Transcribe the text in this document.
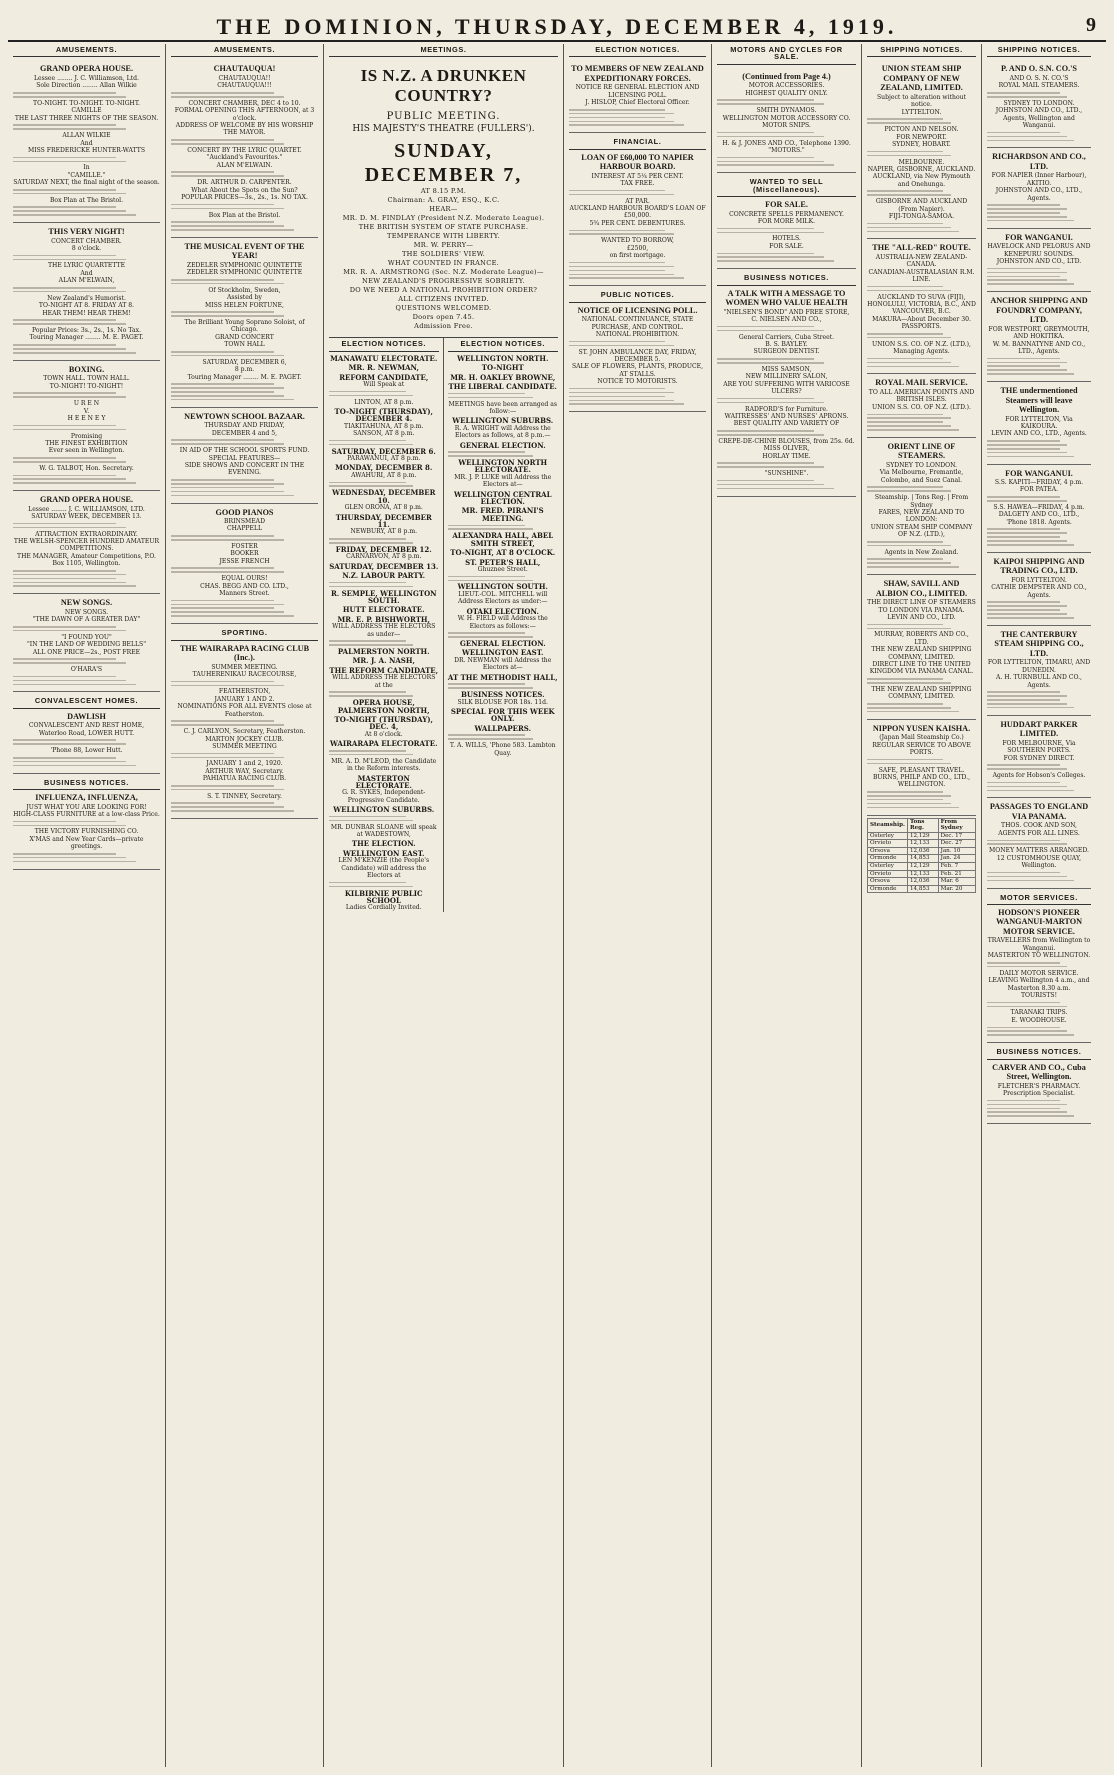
THE DOMINION, THURSDAY, DECEMBER 4, 1919.	9
AMUSEMENTS.
GRAND OPERA HOUSE.
Lessee ........ J. C. Williamson, Ltd.
Sole Direction ........ Allan Wilkie
TO-NIGHT. TO-NIGHT. TO-NIGHT.
CAMILLE
THE LAST THREE NIGHTS OF THE SEASON.
ALLAN WILKIE
And
MISS FREDERICKE HUNTER-WATTS
In
"CAMILLE."
SATURDAY NEXT, the final night of the season.
Box Plan at The Bristol.
THIS VERY NIGHT!
CONCERT CHAMBER.
8 o'clock.
THE LYRIC QUARTETTE
And
ALAN M'ELWAIN,
New Zealand's Humorist.
TO-NIGHT AT 8. FRIDAY AT 8.
HEAR THEM! HEAR THEM!
Popular Prices: 3s., 2s., 1s. No Tax.
Touring Manager ........ M. E. PAGET.
BOXING.
TOWN HALL. TOWN HALL.
TO-NIGHT! TO-NIGHT!
U R E N
V.
H E E N E Y
Promising
THE FINEST EXHIBITION
Ever seen in Wellington.
W. G. TALBOT, Hon. Secretary.
GRAND OPERA HOUSE.
Lessee ........ J. C. WILLIAMSON, LTD.
SATURDAY WEEK, DECEMBER 13.
ATTRACTION EXTRAORDINARY.
THE WELSH-SPENCER HUNDRED AMATEUR COMPETITIONS.
THE MANAGER, Amateur Competitions, P.O. Box 1105, Wellington.
NEW SONGS.
NEW SONGS.
"THE DAWN OF A GREATER DAY"
"I FOUND YOU"
"IN THE LAND OF WEDDING BELLS"
ALL ONE PRICE—2s., POST FREE
O'HARA'S
CONVALESCENT HOMES.
DAWLISH
CONVALESCENT AND REST HOME,
Waterloo Road, LOWER HUTT.
'Phone 88, Lower Hutt.
BUSINESS NOTICES.
INFLUENZA, INFLUENZA,
JUST WHAT YOU ARE LOOKING FOR!
HIGH-CLASS FURNITURE at a low-class Price.
THE VICTORY FURNISHING CO.
X'MAS and New Year Cards—private greetings.
AMUSEMENTS.
CHAUTAUQUA!
CHAUTAUQUA!!
CHAUTAUQUA!!!
CONCERT CHAMBER, DEC 4 to 10.
FORMAL OPENING THIS AFTERNOON, at 3 o'clock.
ADDRESS OF WELCOME BY HIS WORSHIP THE MAYOR.
CONCERT BY THE LYRIC QUARTET.
"Auckland's Favourites."
ALAN M'ELWAIN.
DR. ARTHUR D. CARPENTER.
What About the Spots on the Sun?
POPULAR PRICES—3s., 2s., 1s. NO TAX.
Box Plan at the Bristol.
THE MUSICAL EVENT OF THE YEAR!
ZEDELER SYMPHONIC QUINTETTE
ZEDELER SYMPHONIC QUINTETTE
Of Stockholm, Sweden,
Assisted by
MISS HELEN FORTUNE,
The Brilliant Young Soprano Soloist, of Chicago.
GRAND CONCERT
TOWN HALL
SATURDAY, DECEMBER 6,
8 p.m.
Touring Manager ........ M. E. PAGET.
NEWTOWN SCHOOL BAZAAR.
THURSDAY AND FRIDAY,
DECEMBER 4 and 5,
IN AID OF THE SCHOOL SPORTS FUND.
SPECIAL FEATURES—
SIDE SHOWS AND CONCERT IN THE EVENING.
GOOD PIANOS
BRINSMEAD
CHAPPELL
FOSTER
BOOKER
JESSE FRENCH
EQUAL OURS!
CHAS. BEGG AND CO. LTD.,
Manners Street.
SPORTING.
THE WAIRARAPA RACING CLUB (Inc.).
SUMMER MEETING.
TAUHERENIKAU RACECOURSE,
FEATHERSTON,
JANUARY 1 AND 2.
NOMINATIONS FOR ALL EVENTS close at Featherston.
C. J. CARLYON, Secretary, Featherston.
MARTON JOCKEY CLUB.
SUMMER MEETING
JANUARY 1 and 2, 1920.
ARTHUR WAY, Secretary.
PAHIATUA RACING CLUB.
S. T. TINNEY, Secretary.
MEETINGS.
IS N.Z. A DRUNKEN COUNTRY?
PUBLIC MEETING.
HIS MAJESTY'S THEATRE (FULLERS').
SUNDAY, DECEMBER 7,
AT 8.15 P.M.
Chairman: A. GRAY, ESQ., K.C.
HEAR—
MR. D. M. FINDLAY (President N.Z. Moderate League).
THE BRITISH SYSTEM OF STATE PURCHASE.
TEMPERANCE WITH LIBERTY.
MR. W. PERRY—
THE SOLDIERS' VIEW.
WHAT COUNTED IN FRANCE.
MR. R. A. ARMSTRONG (Sec. N.Z. Moderate League)—
NEW ZEALAND'S PROGRESSIVE SOBRIETY.
DO WE NEED A NATIONAL PROHIBITION ORDER?
ALL CITIZENS INVITED.
QUESTIONS WELCOMED.
Doors open 7.45.
Admission Free.
ELECTION NOTICES.
MANAWATU ELECTORATE.
MR. R. NEWMAN,
REFORM CANDIDATE,
Will Speak at
LINTON, AT 8 p.m.
TO-NIGHT (THURSDAY), DECEMBER 4.
TIAKITAHUNA, AT 8 p.m.
SANSON, AT 8 p.m.
SATURDAY, DECEMBER 6.
PARAWANUI, AT 8 p.m.
MONDAY, DECEMBER 8.
AWAHURI, AT 8 p.m.
WEDNESDAY, DECEMBER 10.
GLEN ORONA, AT 8 p.m.
THURSDAY, DECEMBER 11.
NEWBURY, AT 8 p.m.
FRIDAY, DECEMBER 12.
CARNARVON, AT 8 p.m.
SATURDAY, DECEMBER 13.
N.Z. LABOUR PARTY.
R. SEMPLE, WELLINGTON SOUTH.
HUTT ELECTORATE.
MR. E. P. BISHWORTH,
WILL ADDRESS THE ELECTORS as under—
PALMERSTON NORTH.
MR. J. A. NASH,
THE REFORM CANDIDATE,
WILL ADDRESS THE ELECTORS at the
OPERA HOUSE, PALMERSTON NORTH,
TO-NIGHT (THURSDAY), DEC. 4,
At 8 o'clock.
WAIRARAPA ELECTORATE.
MR. A. D. M'LEOD, the Candidate in the Reform interests.
MASTERTON ELECTORATE.
G. R. SYKES, Independent-Progressive Candidate.
WELLINGTON SUBURBS.
MR. DUNBAR SLOANE will speak at WADESTOWN,
THE ELECTION.
WELLINGTON EAST.
LEN M'KENZIE (the People's Candidate) will address the Electors at
KILBIRNIE PUBLIC SCHOOL
Ladies Cordially Invited.
ELECTION NOTICES.
WELLINGTON NORTH.
TO-NIGHT
MR. H. OAKLEY BROWNE,
THE LIBERAL CANDIDATE.
MEETINGS have been arranged as follow:—
WELLINGTON SUBURBS.
R. A. WRIGHT will Address the Electors as follows, at 8 p.m.—
GENERAL ELECTION.
WELLINGTON NORTH ELECTORATE.
MR. J. P. LUKE will Address the Electors at—
WELLINGTON CENTRAL ELECTION.
MR. FRED. PIRANI'S MEETING.
ALEXANDRA HALL, ABEL SMITH STREET,
TO-NIGHT, AT 8 O'CLOCK.
ST. PETER'S HALL,
Ghuznee Street.
WELLINGTON SOUTH.
LIEUT.-COL. MITCHELL will Address Electors as under:—
OTAKI ELECTION.
W. H. FIELD will Address the Electors as follows:—
GENERAL ELECTION.
WELLINGTON EAST.
DR. NEWMAN will Address the Electors at—
AT THE METHODIST HALL,
BUSINESS NOTICES.
SILK BLOUSE FOR 18s. 11d.
SPECIAL FOR THIS WEEK ONLY.
WALLPAPERS.
T. A. WILLS, 'Phone 583. Lambton Quay.
ELECTION NOTICES.
TO MEMBERS OF NEW ZEALAND EXPEDITIONARY FORCES.
NOTICE RE GENERAL ELECTION AND LICENSING POLL.
J. HISLOP, Chief Electoral Officer.
FINANCIAL.
LOAN OF £60,000 TO NAPIER HARBOUR BOARD.
INTEREST AT 5¼ PER CENT.
TAX FREE.
AT PAR.
AUCKLAND HARBOUR BOARD'S LOAN OF £50,000.
5¾ PER CENT. DEBENTURES.
WANTED TO BORROW,
£2500,
on first mortgage.
PUBLIC NOTICES.
NOTICE OF LICENSING POLL.
NATIONAL CONTINUANCE, STATE PURCHASE, AND CONTROL.
NATIONAL PROHIBITION.
ST. JOHN AMBULANCE DAY, FRIDAY, DECEMBER 5.
SALE OF FLOWERS, PLANTS, PRODUCE, AT STALLS.
NOTICE TO MOTORISTS.
MOTORS AND CYCLES FOR SALE.
(Continued from Page 4.)
MOTOR ACCESSORIES.
HIGHEST QUALITY ONLY.
SMITH DYNAMOS.
WELLINGTON MOTOR ACCESSORY CO.
MOTOR SNIPS.
H. & J. JONES AND CO., Telephone 1390.
"MOTORS."
WANTED TO SELL (Miscellaneous).
FOR SALE.
CONCRETE SPELLS PERMANENCY.
FOR MORE MILK.
HOTELS.
FOR SALE.
BUSINESS NOTICES.
A TALK WITH A MESSAGE TO WOMEN WHO VALUE HEALTH
"NIELSEN'S BOND" AND FREE STORE,
C. NIELSEN AND CO.,
General Carriers, Cuba Street.
B. S. BAYLEY.
SURGEON DENTIST.
MISS SAMSON,
NEW MILLINERY SALON,
ARE YOU SUFFERING WITH VARICOSE ULCERS?
RADFORD'S for Furniture.
WAITRESSES' AND NURSES' APRONS.
BEST QUALITY AND VARIETY OF
CREPE-DE-CHINE BLOUSES, from 25s. 6d.
MISS OLIVER,
HORLAY TIME.
"SUNSHINE".
SHIPPING NOTICES.
UNION STEAM SHIP COMPANY OF NEW ZEALAND, LIMITED.
Subject to alteration without notice.
LYTTELTON.
PICTON AND NELSON.
FOR NEWPORT.
SYDNEY, HOBART.
MELBOURNE.
NAPIER, GISBORNE, AUCKLAND.
AUCKLAND, via New Plymouth and Onehunga.
GISBORNE AND AUCKLAND (From Napier).
FIJI-TONGA-SAMOA.
THE "ALL-RED" ROUTE.
AUSTRALIA-NEW ZEALAND-CANADA.
CANADIAN-AUSTRALASIAN R.M. LINE.
AUCKLAND TO SUVA (FIJI), HONOLULU, VICTORIA, B.C., AND VANCOUVER, B.C.
MAKURA—About December 30.
PASSPORTS.
UNION S.S. CO. OF N.Z. (LTD.), Managing Agents.
ROYAL MAIL SERVICE.
TO ALL AMERICAN POINTS AND BRITISH ISLES.
UNION S.S. CO. OF N.Z. (LTD.).
ORIENT LINE OF STEAMERS.
SYDNEY TO LONDON.
Via Melbourne, Fremantle, Colombo, and Suez Canal.
Steamship. | Tons Reg. | From Sydney
FARES, NEW ZEALAND TO LONDON:
UNION STEAM SHIP COMPANY OF N.Z. (LTD.),
Agents in New Zealand.
SHAW, SAVILL AND ALBION CO., LIMITED.
THE DIRECT LINE OF STEAMERS TO LONDON VIA PANAMA.
LEVIN AND CO., LTD.
MURRAY, ROBERTS AND CO., LTD.
THE NEW ZEALAND SHIPPING COMPANY, LIMITED.
DIRECT LINE TO THE UNITED KINGDOM VIA PANAMA CANAL.
THE NEW ZEALAND SHIPPING COMPANY, LIMITED.
NIPPON YUSEN KAISHA.
(Japan Mail Steamship Co.)
REGULAR SERVICE TO ABOVE PORTS.
SAFE, PLEASANT TRAVEL.
BURNS, PHILP AND CO., LTD.,
WELLINGTON.
Steamship.	Tons Reg.	From Sydney
Osterley	12,129	Dec. 17
Orvieto	12,133	Dec. 27
Orsova	12,036	Jan. 10
Ormonde	14,853	Jan. 24
Osterley	12,129	Feb. 7
Orvieto	12,133	Feb. 21
Orsova	12,036	Mar. 6
Ormonde	14,853	Mar. 20
SHIPPING NOTICES.
P. AND O. S.N. CO.'S
AND O. S. N. CO.'S
ROYAL MAIL STEAMERS.
SYDNEY TO LONDON.
JOHNSTON AND CO., LTD., Agents, Wellington and Wanganui.
RICHARDSON AND CO., LTD.
FOR NAPIER (Inner Harbour), AKITIO.
JOHNSTON AND CO., LTD., Agents.
FOR WANGANUI.
HAVELOCK AND PELORUS AND KENEPURU SOUNDS.
JOHNSTON AND CO., LTD.
ANCHOR SHIPPING AND FOUNDRY COMPANY, LTD.
FOR WESTPORT, GREYMOUTH, AND HOKITIKA.
W. M. BANNATYNE AND CO., LTD., Agents.
THE undermentioned Steamers will leave Wellington.
FOR LYTTELTON, Via KAIKOURA.
LEVIN AND CO., LTD., Agents.
FOR WANGANUI.
S.S. KAPITI—FRIDAY, 4 p.m.
FOR PATEA.
S.S. HAWEA—FRIDAY, 4 p.m.
DALGETY AND CO., LTD.,
'Phone 1818. Agents.
KAIPOI SHIPPING AND TRADING CO., LTD.
FOR LYTTELTON.
CATHIE DEMPSTER AND CO., Agents.
THE CANTERBURY STEAM SHIPPING CO., LTD.
FOR LYTTELTON, TIMARU, AND DUNEDIN.
A. H. TURNBULL AND CO., Agents.
HUDDART PARKER LIMITED.
FOR MELBOURNE, Via SOUTHERN PORTS.
FOR SYDNEY DIRECT.
Agents for Hobson's Colleges.
PASSAGES TO ENGLAND VIA PANAMA.
THOS. COOK AND SON,
AGENTS FOR ALL LINES.
MONEY MATTERS ARRANGED.
12 CUSTOMHOUSE QUAY, Wellington.
MOTOR SERVICES.
HODSON'S PIONEER WANGANUI-MARTON MOTOR SERVICE.
TRAVELLERS from Wellington to Wanganui.
MASTERTON TO WELLINGTON.
DAILY MOTOR SERVICE.
LEAVING Wellington 4 a.m., and Masterton 8.30 a.m.
TOURISTS!
TARANAKI TRIPS.
E. WOODHOUSE.
BUSINESS NOTICES.
CARVER AND CO., Cuba Street, Wellington.
FLETCHER'S PHARMACY.
Prescription Specialist.
